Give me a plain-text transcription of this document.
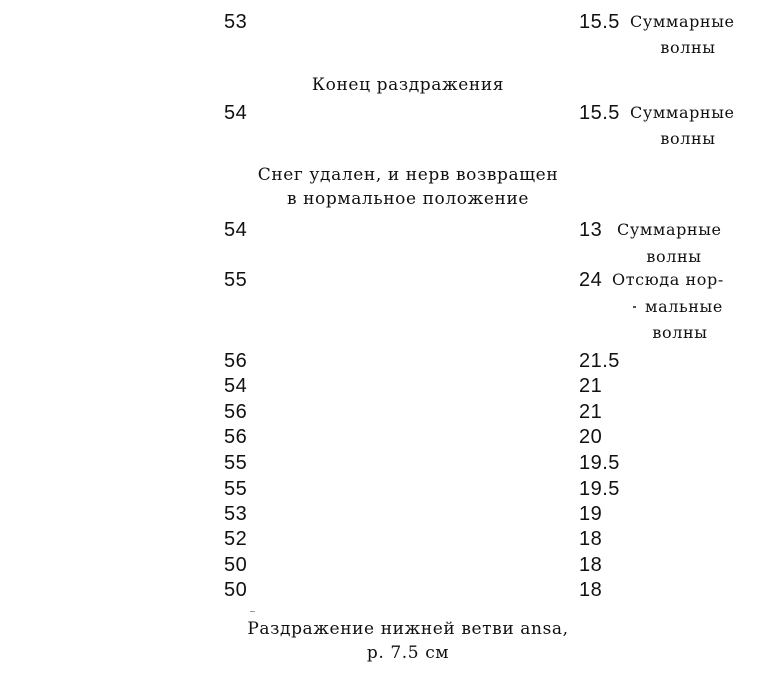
53	15.5 Суммарные
волны
Конец раздражения
54	15.5 Суммарные
волны
Снег удален, и нерв возвращен
в нормальное положение
54	13 Суммарные
волны
55	24 Отсюда нор-
мальные
волны
56	21.5
54	21
56	21
56	20
55	19.5
55	19.5
53	19
52	18
50	18
50	18
Раздражение нижней ветви ansa,
р. 7.5 см
